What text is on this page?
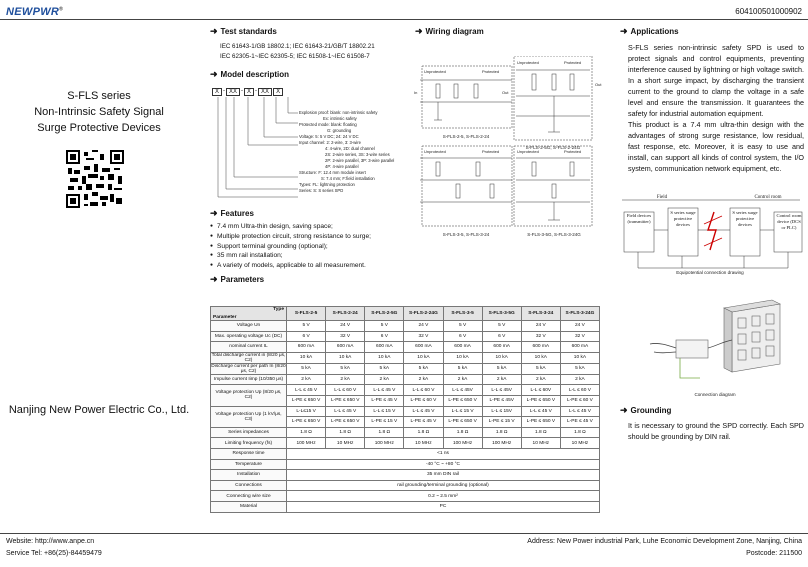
NEWPWR®	604100501000902
S-FLS series
Non-Intrinsic Safety Signal
Surge Protective Devices
Nanjing New Power Electric Co., Ltd.
➜ Test standards
IEC 61643-1/GB 18802.1; IEC 61643-21/GB/T 18802.21
IEC 62305-1~IEC 62305-5; IEC 61508-1~IEC 61508-7
➜ Model description
X - XX - X - XX	X
Explosion proof: blank: non-intrinsic safety
Ex: intrinsic safety
Protected mode: blank: floating
G: grounding
Voltage: 5: 5 V DC; 24: 24 V DC
Input channel: 2: 2-wire, 3: 3-wire
4: 4-wire, 2D: dual channel
2S: 2-wire series, 3S: 3-wire series
2P: 2-wire parallel, 3P: 3-wire parallel
4P: 4-wire parallel
Structure: F: 12.4 mm module insert
S: 7.4 mm; F:field installation
Types: FL: lightning protection
Series: S: S series SPD
➜ Features
● 7.4 mm Ultra-thin design, saving space;
● Multiple protection circuit, strong resistance to surge;
● Support terminal grounding (optional);
● 35 mm rail installation;
● A variety of models, applicable to all measurement.
➜ Parameters
Type
Parameter	S-FLS-2-5	S-FLS-2-24	S-FLS-2-5G	S-FLS-2-24G	S-FLS-3-5	S-FLS-3-5G	S-FLS-3-24	S-FLS-3-24G
Voltage Un	5 V	24 V	5 V	24 V	5 V	5 V	24 V	24 V
Max. operating voltage Uc (DC)	6 V	32 V	6 V	32 V	6 V	6 V	32 V	32 V
nominal current IL	600 mA	600 mA	600 mA	600 mA	600 mA	600 mA	600 mA	600 mA
Total discharge current in (8/20 μs, C2)	10 kA	10 kA	10 kA	10 kA	10 kA	10 kA	10 kA	10 kA
Discharge current per path In (8/20 μs, C2)	5 kA	5 kA	5 kA	5 kA	5 kA	5 kA	5 kA	5 kA
Impulse current Iimp (10/350 μs)	2 kA	2 kA	2 kA	2 kA	2 kA	2 kA	2 kA	2 kA
Voltage protection Up (8/20 μs, C2)	L-L ≤ 45 V	L-L ≤ 60 V	L-L ≤ 45 V	L-L ≤ 60 V	L-L ≤ 45V	L-L ≤ 45V	L-L ≤ 60V	L-L ≤ 60 V
	L-PE ≤ 650 V	L-PE ≤ 650 V	L-PE ≤ 45 V	L-PE ≤ 60 V	L-PE ≤ 650 V	L-PE ≤ 45V	L-PE ≤ 650 V	L-PE ≤ 60 V
Voltage protection Up (1 kV/μs, C3)	L-L≤15 V	L-L ≤ 45 V	L-L ≤ 15 V	L-L ≤ 45 V	L-L ≤ 15 V	L-L ≤ 15V	L-L ≤ 45 V	L-L ≤ 45 V
	L-PE ≤ 650 V	L-PE ≤ 650 V	L-PE ≤ 15 V	L-PE ≤ 45 V	L-PE ≤ 650 V	L-PE ≤ 15 V	L-PE ≤ 650 V	L-PE ≤ 45 V
Series impedances	1.8 Ω	1.8 Ω	1.8 Ω	1.8 Ω	1.8 Ω	1.8 Ω	1.8 Ω	1.8 Ω
Limiting frequency (fs)	100 MHz	10 MHz	100 MHz	10 MHz	100 MHz	100 MHz	10 MHz	10 MHz
Response time	<1 ns							
Temperature	-40 °C ~ +80 °C							
Installation	35 mm DIN rail							
Connections	rail grounding/terminal grounding (optional)							
Connecting wire size	0.2 ~ 2.5 mm²							
Material	PC							
➜ Wiring diagram
Unprotected	Protected
Unprotected	Protected
Unprotected	Protected	Unprotected	Protected
In	Out
Out
S-FLS-2-5, S-FLS-2-24
S-FLS-3-5, S-FLS-3-24	S-FLS-3-5G, S-FLS-3-24G
S-FLS-2-5G, S-FLS-2-24G
➜ Applications
S-FLS series non-intrinsic safety SPD is used to protect signals and control equipments, preventing interference caused by lightning or high voltage switch. In a short surge impact, by discharging the transient current to the ground to clamp the voltage in a safe level and ensure the transmission. It guarantees the safety for industrial automation equipment.
This product is a 7.4 mm ultra-thin design with the advantages of strong surge resistance, low residual, fast response, etc. Moreover, it is easy to use and install, can support all kinds of control system, the I/O system, communication network equipment, etc.
Field	Control room
Field devices (transmitter)
S series surge protective devices
S series surge protective devices
Control room device (DCS or PLC)
Equipotential connection drawing
Connection diagram
➜ Grounding
It is necessary to ground the SPD correctly. Each SPD should be grounding by DIN rail.
Website: http://www.anpe.cn
Service Tel: +86(25)-84459479
Address: New Power industrial Park, Luhe Economic Development Zone, Nanjing, China
Postcode: 211500
